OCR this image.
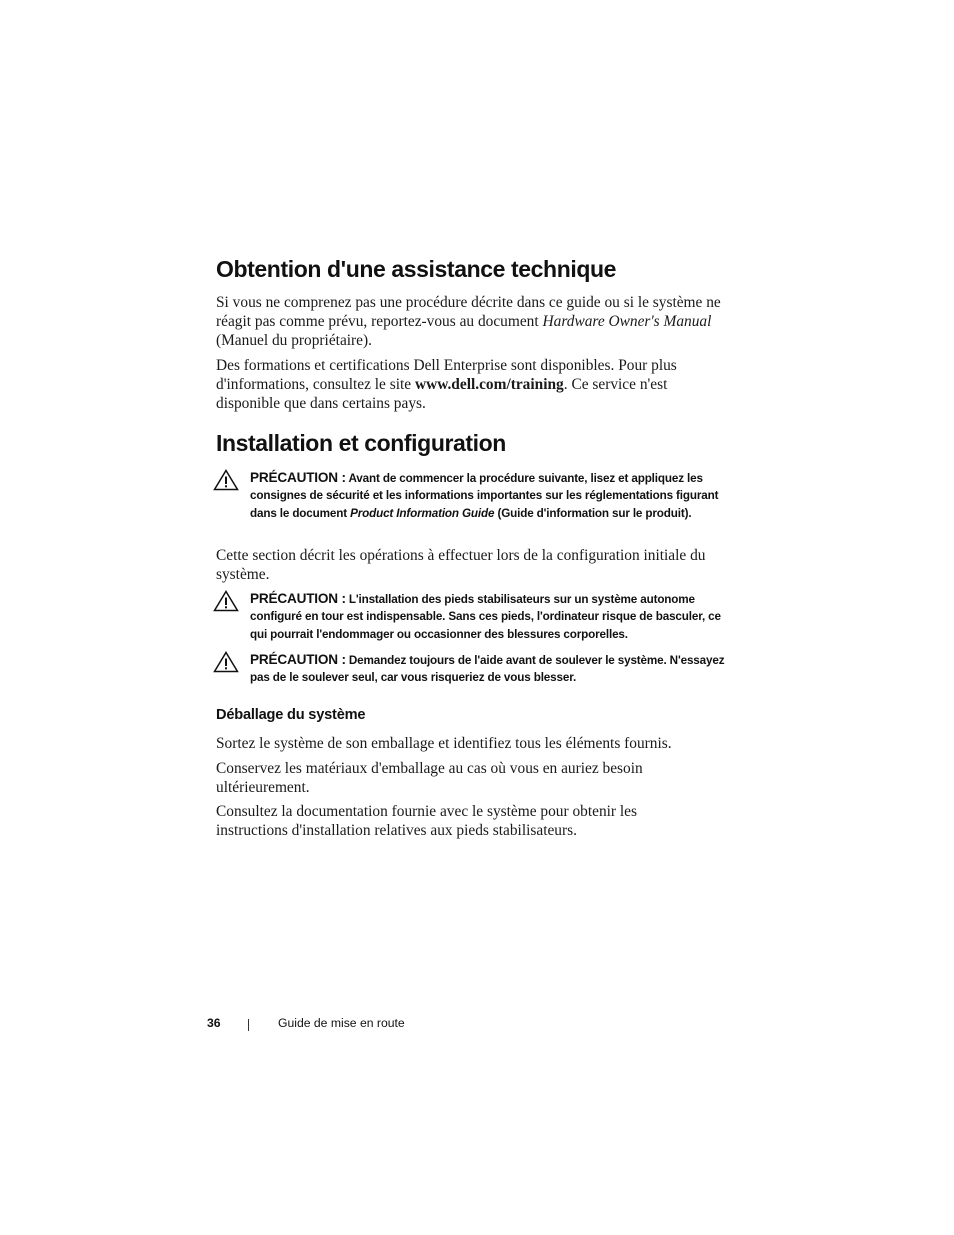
Obtention d'une assistance technique

Si vous ne comprenez pas une procédure décrite dans ce guide ou si le système ne réagit pas comme prévu, reportez-vous au document Hardware Owner's Manual (Manuel du propriétaire).

Des formations et certifications Dell Enterprise sont disponibles. Pour plus d'informations, consultez le site www.dell.com/training. Ce service n'est disponible que dans certains pays.

Installation et configuration
PRÉCAUTION : Avant de commencer la procédure suivante, lisez et appliquez les consignes de sécurité et les informations importantes sur les réglementations figurant dans le document Product Information Guide (Guide d'information sur le produit).

Cette section décrit les opérations à effectuer lors de la configuration initiale du système.

PRÉCAUTION : L'installation des pieds stabilisateurs sur un système autonome configuré en tour est indispensable. Sans ces pieds, l'ordinateur risque de basculer, ce qui pourrait l'endommager ou occasionner des blessures corporelles.
PRÉCAUTION : Demandez toujours de l'aide avant de soulever le système. N'essayez pas de le soulever seul, car vous risqueriez de vous blesser.
Déballage du système

Sortez le système de son emballage et identifiez tous les éléments fournis.

Conservez les matériaux d'emballage au cas où vous en auriez besoin ultérieurement.

Consultez la documentation fournie avec le système pour obtenir les instructions d'installation relatives aux pieds stabilisateurs.

36	Guide de mise en route
